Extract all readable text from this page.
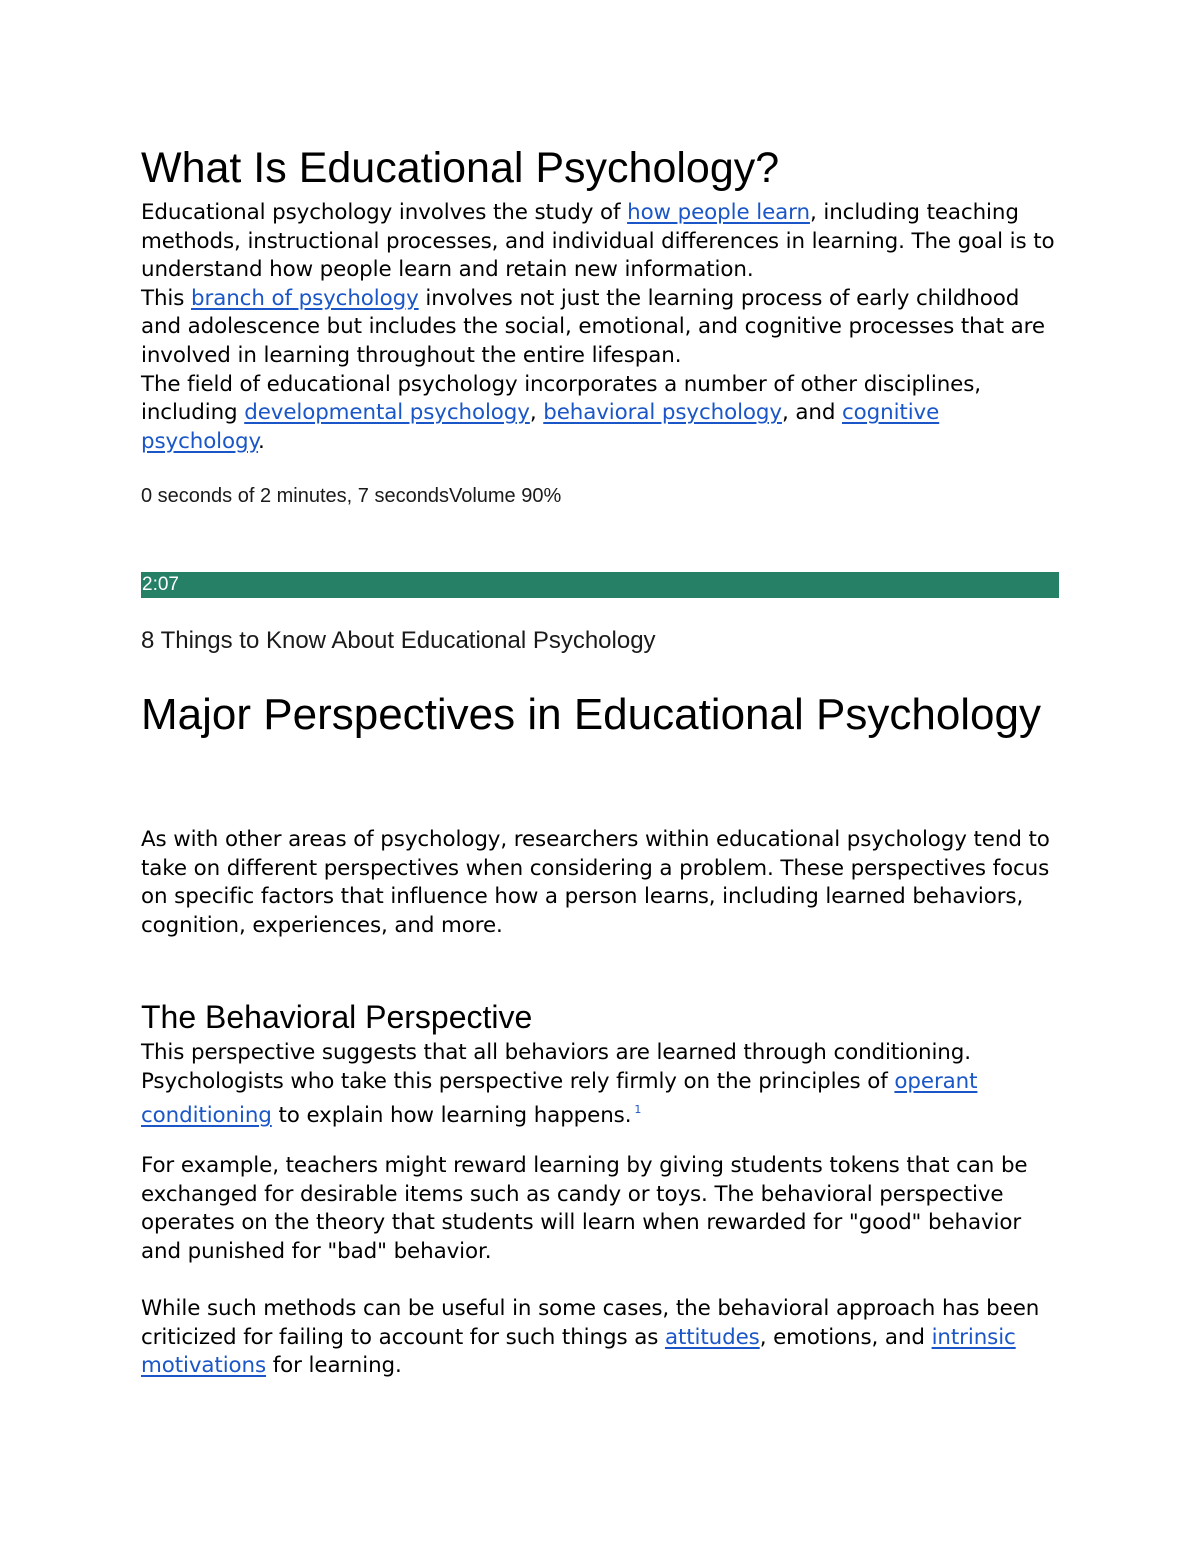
What Is Educational Psychology?

Educational psychology involves the study of how people learn, including teaching methods, instructional processes, and individual differences in learning. The goal is to understand how people learn and retain new information.

This branch of psychology involves not just the learning process of early childhood and adolescence but includes the social, emotional, and cognitive processes that are involved in learning throughout the entire lifespan.

The field of educational psychology incorporates a number of other disciplines, including developmental psychology, behavioral psychology, and cognitive psychology.

0 seconds of 2 minutes, 7 secondsVolume 90%
2:07
8 Things to Know About Educational Psychology
Major Perspectives in Educational Psychology

As with other areas of psychology, researchers within educational psychology tend to take on different perspectives when considering a problem. These perspectives focus on specific factors that influence how a person learns, including learned behaviors, cognition, experiences, and more.

The Behavioral Perspective

This perspective suggests that all behaviors are learned through conditioning. Psychologists who take this perspective rely firmly on the principles of operant conditioning to explain how learning happens. $^1$

For example, teachers might reward learning by giving students tokens that can be exchanged for desirable items such as candy or toys. The behavioral perspective operates on the theory that students will learn when rewarded for "good" behavior and punished for "bad" behavior.

While such methods can be useful in some cases, the behavioral approach has been criticized for failing to account for such things as attitudes, emotions, and intrinsic motivations for learning.
